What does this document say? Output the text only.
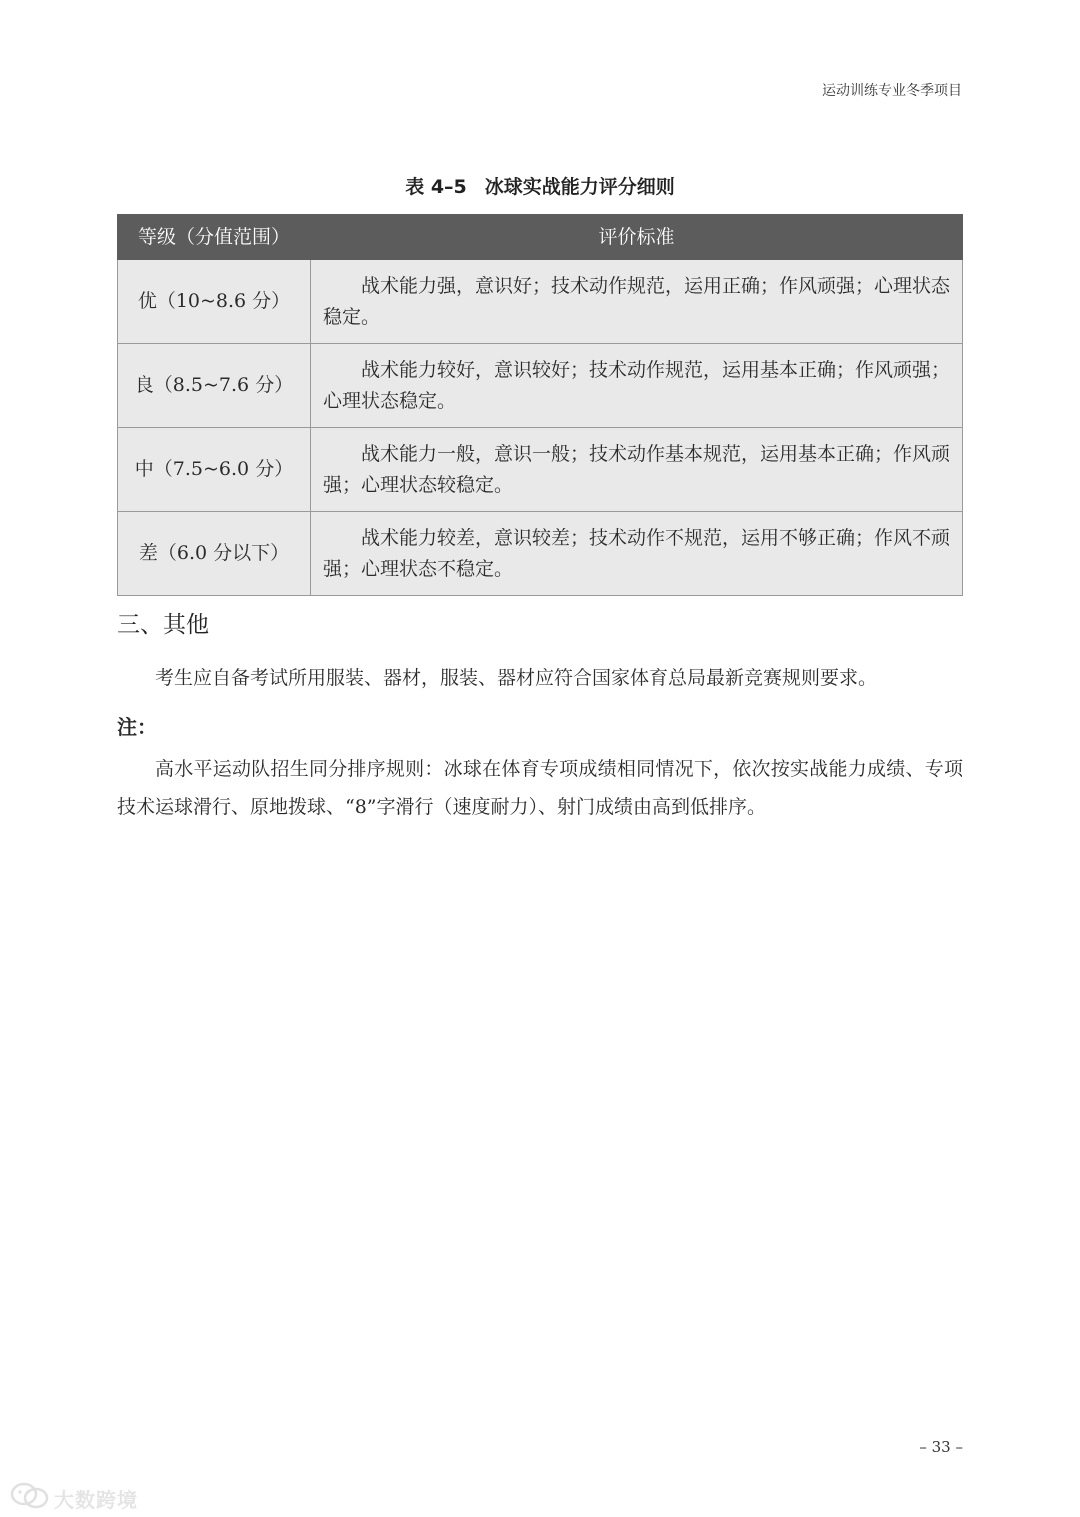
运动训练专业冬季项目
表 4–5 冰球实战能力评分细则
等级（分值范围）	评价标准
优（10~8.6 分）	战术能力强，意识好；技术动作规范，运用正确；作风顽强；心理状态稳定。

良（8.5~7.6 分）	战术能力较好，意识较好；技术动作规范，运用基本正确；作风顽强；心理状态稳定。

中（7.5~6.0 分）	战术能力一般，意识一般；技术动作基本规范，运用基本正确；作风顽强；心理状态较稳定。

差（6.0 分以下）	战术能力较差，意识较差；技术动作不规范，运用不够正确；作风不顽强；心理状态不稳定。
三、其他
考生应自备考试所用服装、器材，服装、器材应符合国家体育总局最新竞赛规则要求。
注：
高水平运动队招生同分排序规则：冰球在体育专项成绩相同情况下，依次按实战能力成绩、专项技术运球滑行、原地拨球、“8”字滑行（速度耐力）、射门成绩由高到低排序。
– 33 –
大数跨境
